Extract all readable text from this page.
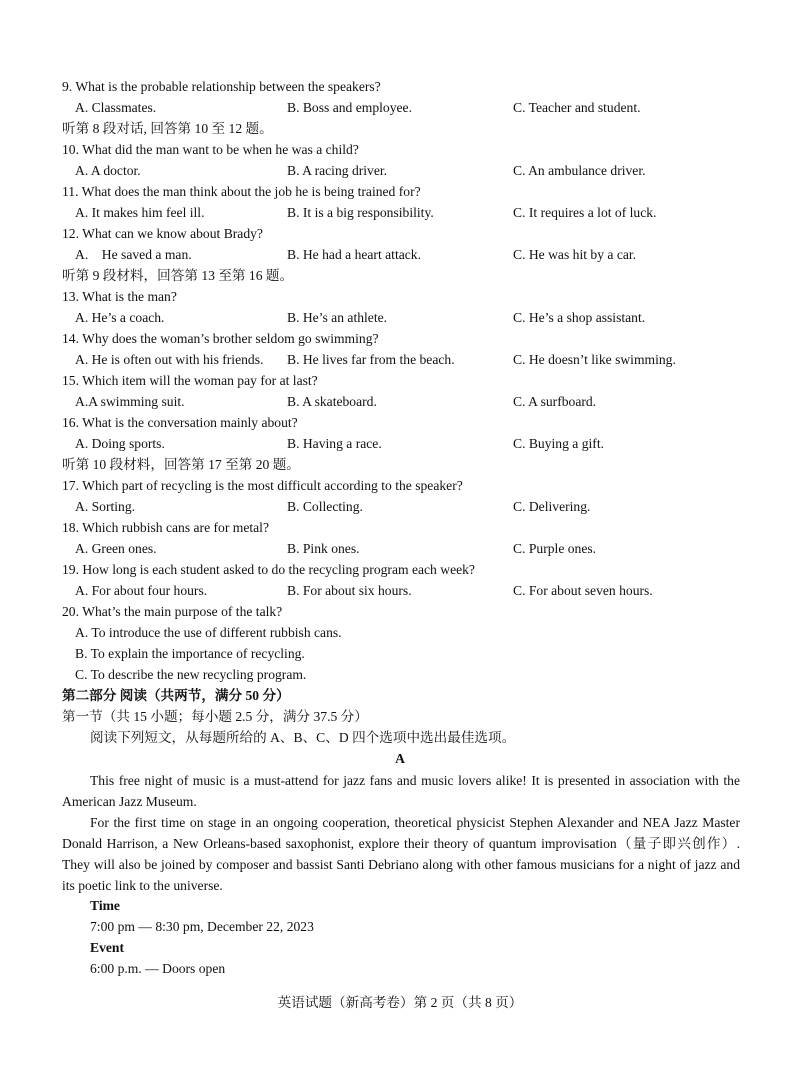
9. What is the probable relationship between the speakers?
A. Classmates.	B. Boss and employee.	C. Teacher and student.
听第 8 段对话, 回答第 10 至 12 题。
10. What did the man want to be when he was a child?
A. A doctor.	B. A racing driver.	C. An ambulance driver.
11. What does the man think about the job he is being trained for?
A. It makes him feel ill.	B. It is a big responsibility.	C. It requires a lot of luck.
12. What can we know about Brady?
A.    He saved a man.	B. He had a heart attack.	C. He was hit by a car.
听第 9 段材料，回答第 13 至第 16 题。
13. What is the man?
A. He’s a coach.	B. He’s an athlete.	C. He’s a shop assistant.
14. Why does the woman’s brother seldom go swimming?
A. He is often out with his friends. B. He lives far from the beach.	C. He doesn’t like swimming.
15. Which item will the woman pay for at last?
A.A swimming suit.	B. A skateboard.	C. A surfboard.
16. What is the conversation mainly about?
A. Doing sports.	B. Having a race.	C. Buying a gift.
听第 10 段材料，回答第 17 至第 20 题。
17. Which part of recycling is the most difficult according to the speaker?
A. Sorting.	B. Collecting.	C. Delivering.
18. Which rubbish cans are for metal?
A. Green ones.	B. Pink ones.	C. Purple ones.
19. How long is each student asked to do the recycling program each week?
A. For about four hours.	B. For about six hours.	C. For about seven hours.
20. What’s the main purpose of the talk?
A. To introduce the use of different rubbish cans.
B. To explain the importance of recycling.
C. To describe the new recycling program.
第二部分 阅读（共两节，满分 50 分）
第一节（共 15 小题；每小题 2.5 分，满分 37.5 分）
阅读下列短文，从每题所给的 A、B、C、D 四个选项中选出最佳选项。
A
This free night of music is a must-attend for jazz fans and music lovers alike! It is presented in association with the American Jazz Museum.
For the first time on stage in an ongoing cooperation, theoretical physicist Stephen Alexander and NEA Jazz Master Donald Harrison, a New Orleans-based saxophonist, explore their theory of quantum improvisation（量子即兴创作）. They will also be joined by composer and bassist Santi Debriano along with other famous musicians for a night of jazz and its poetic link to the universe.
Time
7:00 pm — 8:30 pm, December 22, 2023
Event
6:00 p.m. — Doors open
英语试题（新高考卷）第 2 页（共 8 页）
